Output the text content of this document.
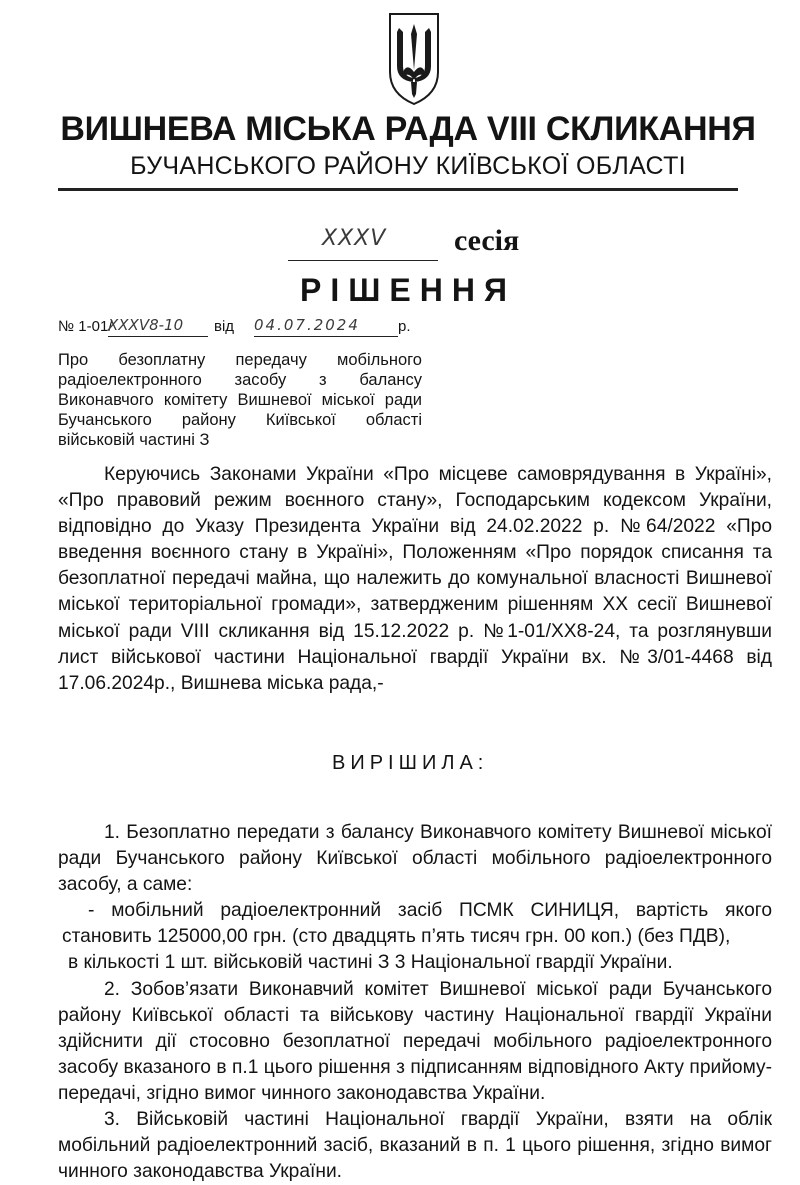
ВИШНЕВА МІСЬКА РАДА VIII СКЛИКАННЯ
БУЧАНСЬКОГО РАЙОНУ КИЇВСЬКОЇ ОБЛАСТІ
XXXV сесія
РІШЕННЯ
№ 1-01/
XXXV8-10	від 04.07.2024	р.
Про безоплатну передачу мобільного радіоелектронного засобу з балансу Виконавчого комітету Вишневої міської ради Бучанського району Київської області військовій частині З
Керуючись Законами України «Про місцеве самоврядування в Україні», «Про правовий режим воєнного стану», Господарським кодексом України, відповідно до Указу Президента України від 24.02.2022 р. №64/2022 «Про введення воєнного стану в Україні», Положенням «Про порядок списання та безоплатної передачі майна, що належить до комунальної власності Вишневої міської територіальної громади», затвердженим рішенням ХХ сесії Вишневої міської ради VIII скликання від 15.12.2022 р. №1-01/ХХ8-24, та розглянувши лист військової частини Національної гвардії України вх. №3/01-4468 від 17.06.2024р., Вишнева міська рада,-
ВИРІШИЛА:

1. Безоплатно передати з балансу Виконавчого комітету Вишневої міської ради Бучанського району Київської області мобільного радіоелектронного засобу, а саме:

- мобільний радіоелектронний засіб ПСМК СИНИЦЯ, вартість якого становить 125000,00 грн. (сто двадцять п’ять тисяч грн. 00 коп.) (без ПДВ),

в кількості 1 шт. військовій частині З 3 Національної гвардії України.

2. Зобов’язати Виконавчий комітет Вишневої міської ради Бучанського району Київської області та військову частину Національної гвардії України здійснити дії стосовно безоплатної передачі мобільного радіоелектронного засобу вказаного в п.1 цього рішення з підписанням відповідного Акту прийому-передачі, згідно вимог чинного законодавства України.

3. Військовій частині Національної гвардії України, взяти на облік мобільний радіоелектронний засіб, вказаний в п. 1 цього рішення, згідно вимог чинного законодавства України.
